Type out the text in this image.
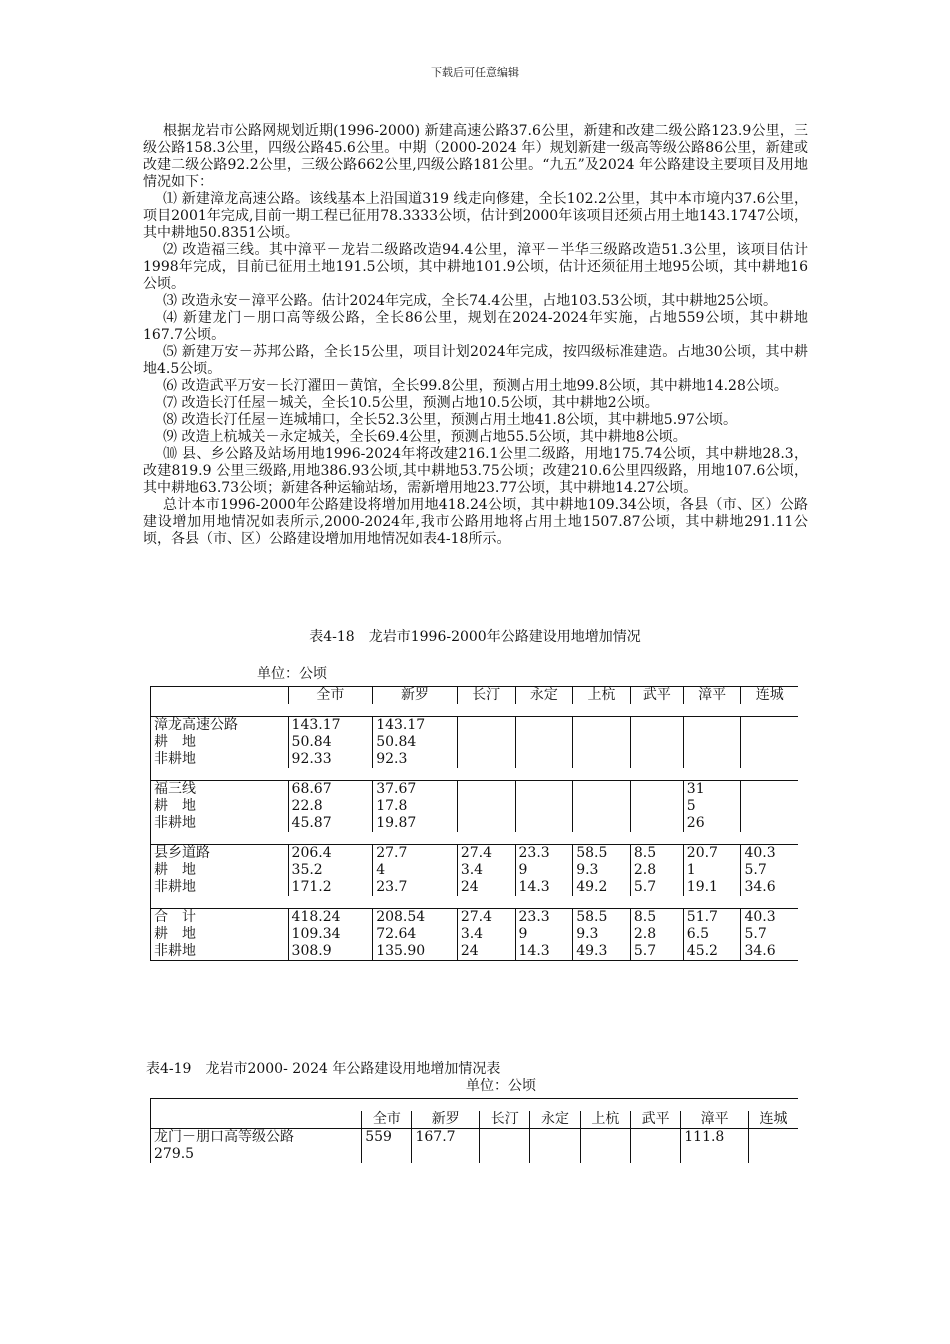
下载后可任意编辑

根据龙岩市公路网规划近期(1996-2000) 新建高速公路37.6公里，新建和改建二级公路123.9公里，三级公路158.3公里，四级公路45.6公里。中期（2000-2024 年）规划新建一级高等级公路86公里，新建或改建二级公路92.2公里，三级公路662公里,四级公路181公里。“九五”及2024 年公路建设主要项目及用地情况如下：

⑴ 新建漳龙高速公路。该线基本上沿国道319 线走向修建，全长102.2公里，其中本市境内37.6公里， 项目2001年完成,目前一期工程已征用78.3333公顷，估计到2000年该项目还须占用土地143.1747公顷，其中耕地50.8351公顷。

⑵ 改造福三线。其中漳平－龙岩二级路改造94.4公里，漳平－半华三级路改造51.3公里，该项目估计1998年完成，目前已征用土地191.5公顷，其中耕地101.9公顷，估计还须征用土地95公顷，其中耕地16公顷。

⑶ 改造永安－漳平公路。估计2024年完成，全长74.4公里，占地103.53公顷，其中耕地25公顷。

⑷ 新建龙门－朋口高等级公路，全长86公里，规划在2024-2024年实施，占地559公顷，其中耕地167.7公顷。

⑸ 新建万安－苏邦公路，全长15公里，项目计划2024年完成，按四级标准建造。占地30公顷，其中耕地4.5公顷。

⑹ 改造武平万安－长汀濯田－黄馆，全长99.8公里，预测占用土地99.8公顷，其中耕地14.28公顷。

⑺ 改造长汀任屋－城关，全长10.5公里，预测占地10.5公顷，其中耕地2公顷。

⑻ 改造长汀任屋－连城埔口，全长52.3公里，预测占用土地41.8公顷，其中耕地5.97公顷。

⑼ 改造上杭城关－永定城关，全长69.4公里，预测占地55.5公顷，其中耕地8公顷。

⑽ 县、乡公路及站场用地1996-2024年将改建216.1公里二级路，用地175.74公顷，其中耕地28.3，改建819.9 公里三级路,用地386.93公顷,其中耕地53.75公顷；改建210.6公里四级路，用地107.6公顷，其中耕地63.73公顷；新建各种运输站场，需新增用地23.77公顷，其中耕地14.27公顷。

总计本市1996-2000年公路建设将增加用地418.24公顷，其中耕地109.34公顷，各县（市、区）公路建设增加用地情况如表所示,2000-2024年,我市公路用地将占用土地1507.87公顷，其中耕地291.11公顷，各县（市、区）公路建设增加用地情况如表4-18所示。

表4-18　龙岩市1996-2000年公路建设用地增加情况
单位：公顷
	全市	新罗	长汀	永定	上杭	武平	漳平	连城

漳龙高速公路	143.17	143.17						
耕　地	50.84	50.84						
非耕地	92.33	92.3						

福三线	68.67	37.67					31	
耕　地	22.8	17.8					5	
非耕地	45.87	19.87					26	

县乡道路	206.4	27.7	27.4	23.3	58.5	8.5	20.7	40.3
耕　地	35.2	4	3.4	9	9.3	2.8	1	5.7
非耕地	171.2	23.7	24	14.3	49.2	5.7	19.1	34.6

合　计	418.24	208.54	27.4	23.3	58.5	8.5	51.7	40.3
耕　地	109.34	72.64	3.4	9	9.3	2.8	6.5	5.7
非耕地	308.9	135.90	24	14.3	49.3	5.7	45.2	34.6
表4-19　龙岩市2000- 2024 年公路建设用地增加情况表
单位：公顷

	全市	新罗	长汀	永定	上杭	武平	漳平	连城
龙门－朋口高等级公路	559	167.7					111.8	
279.5								
